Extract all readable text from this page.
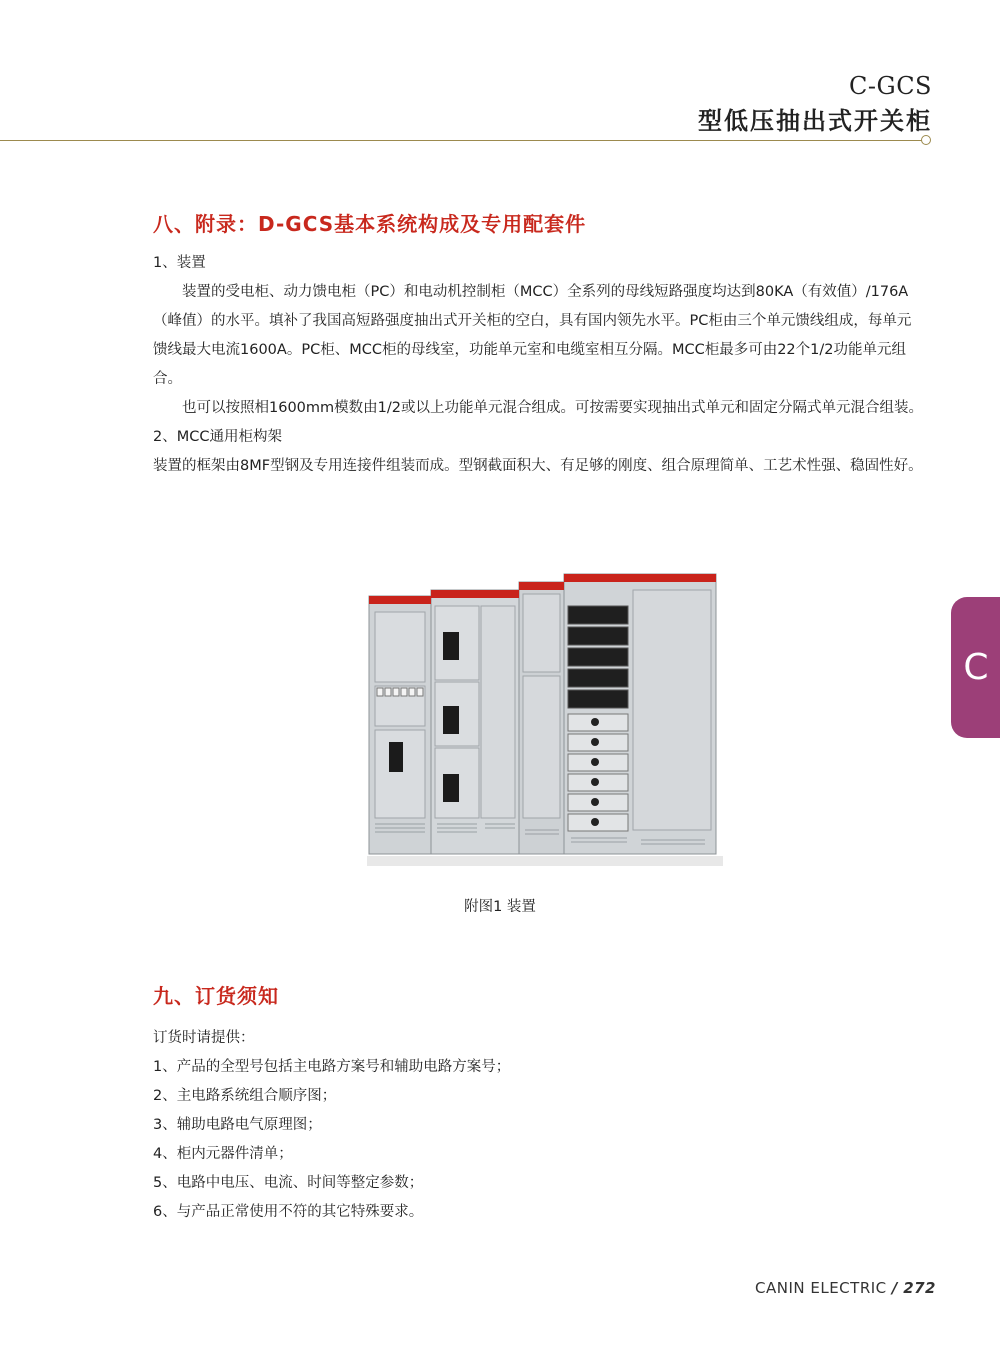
C-GCS
型低压抽出式开关柜
C
八、附录：D-GCS基本系统构成及专用配套件

1、装置

装置的受电柜、动力馈电柜（PC）和电动机控制柜（MCC）全系列的母线短路强度均达到80KA（有效值）/176A（峰值）的水平。填补了我国高短路强度抽出式开关柜的空白，具有国内领先水平。PC柜由三个单元馈线组成，每单元馈线最大电流1600A。PC柜、MCC柜的母线室，功能单元室和电缆室相互分隔。MCC柜最多可由22个1/2功能单元组合。

也可以按照相1600mm模数由1/2或以上功能单元混合组成。可按需要实现抽出式单元和固定分隔式单元混合组装。

2、MCC通用柜构架

装置的框架由8MF型钢及专用连接件组装而成。型钢截面积大、有足够的刚度、组合原理简单、工艺术性强、稳固性好。

附图1 装置
九、订货须知

订货时请提供：

1、产品的全型号包括主电路方案号和辅助电路方案号；

2、主电路系统组合顺序图；

3、辅助电路电气原理图；

4、柜内元器件清单；

5、电路中电压、电流、时间等整定参数；

6、与产品正常使用不符的其它特殊要求。

CANIN ELECTRIC / 272
